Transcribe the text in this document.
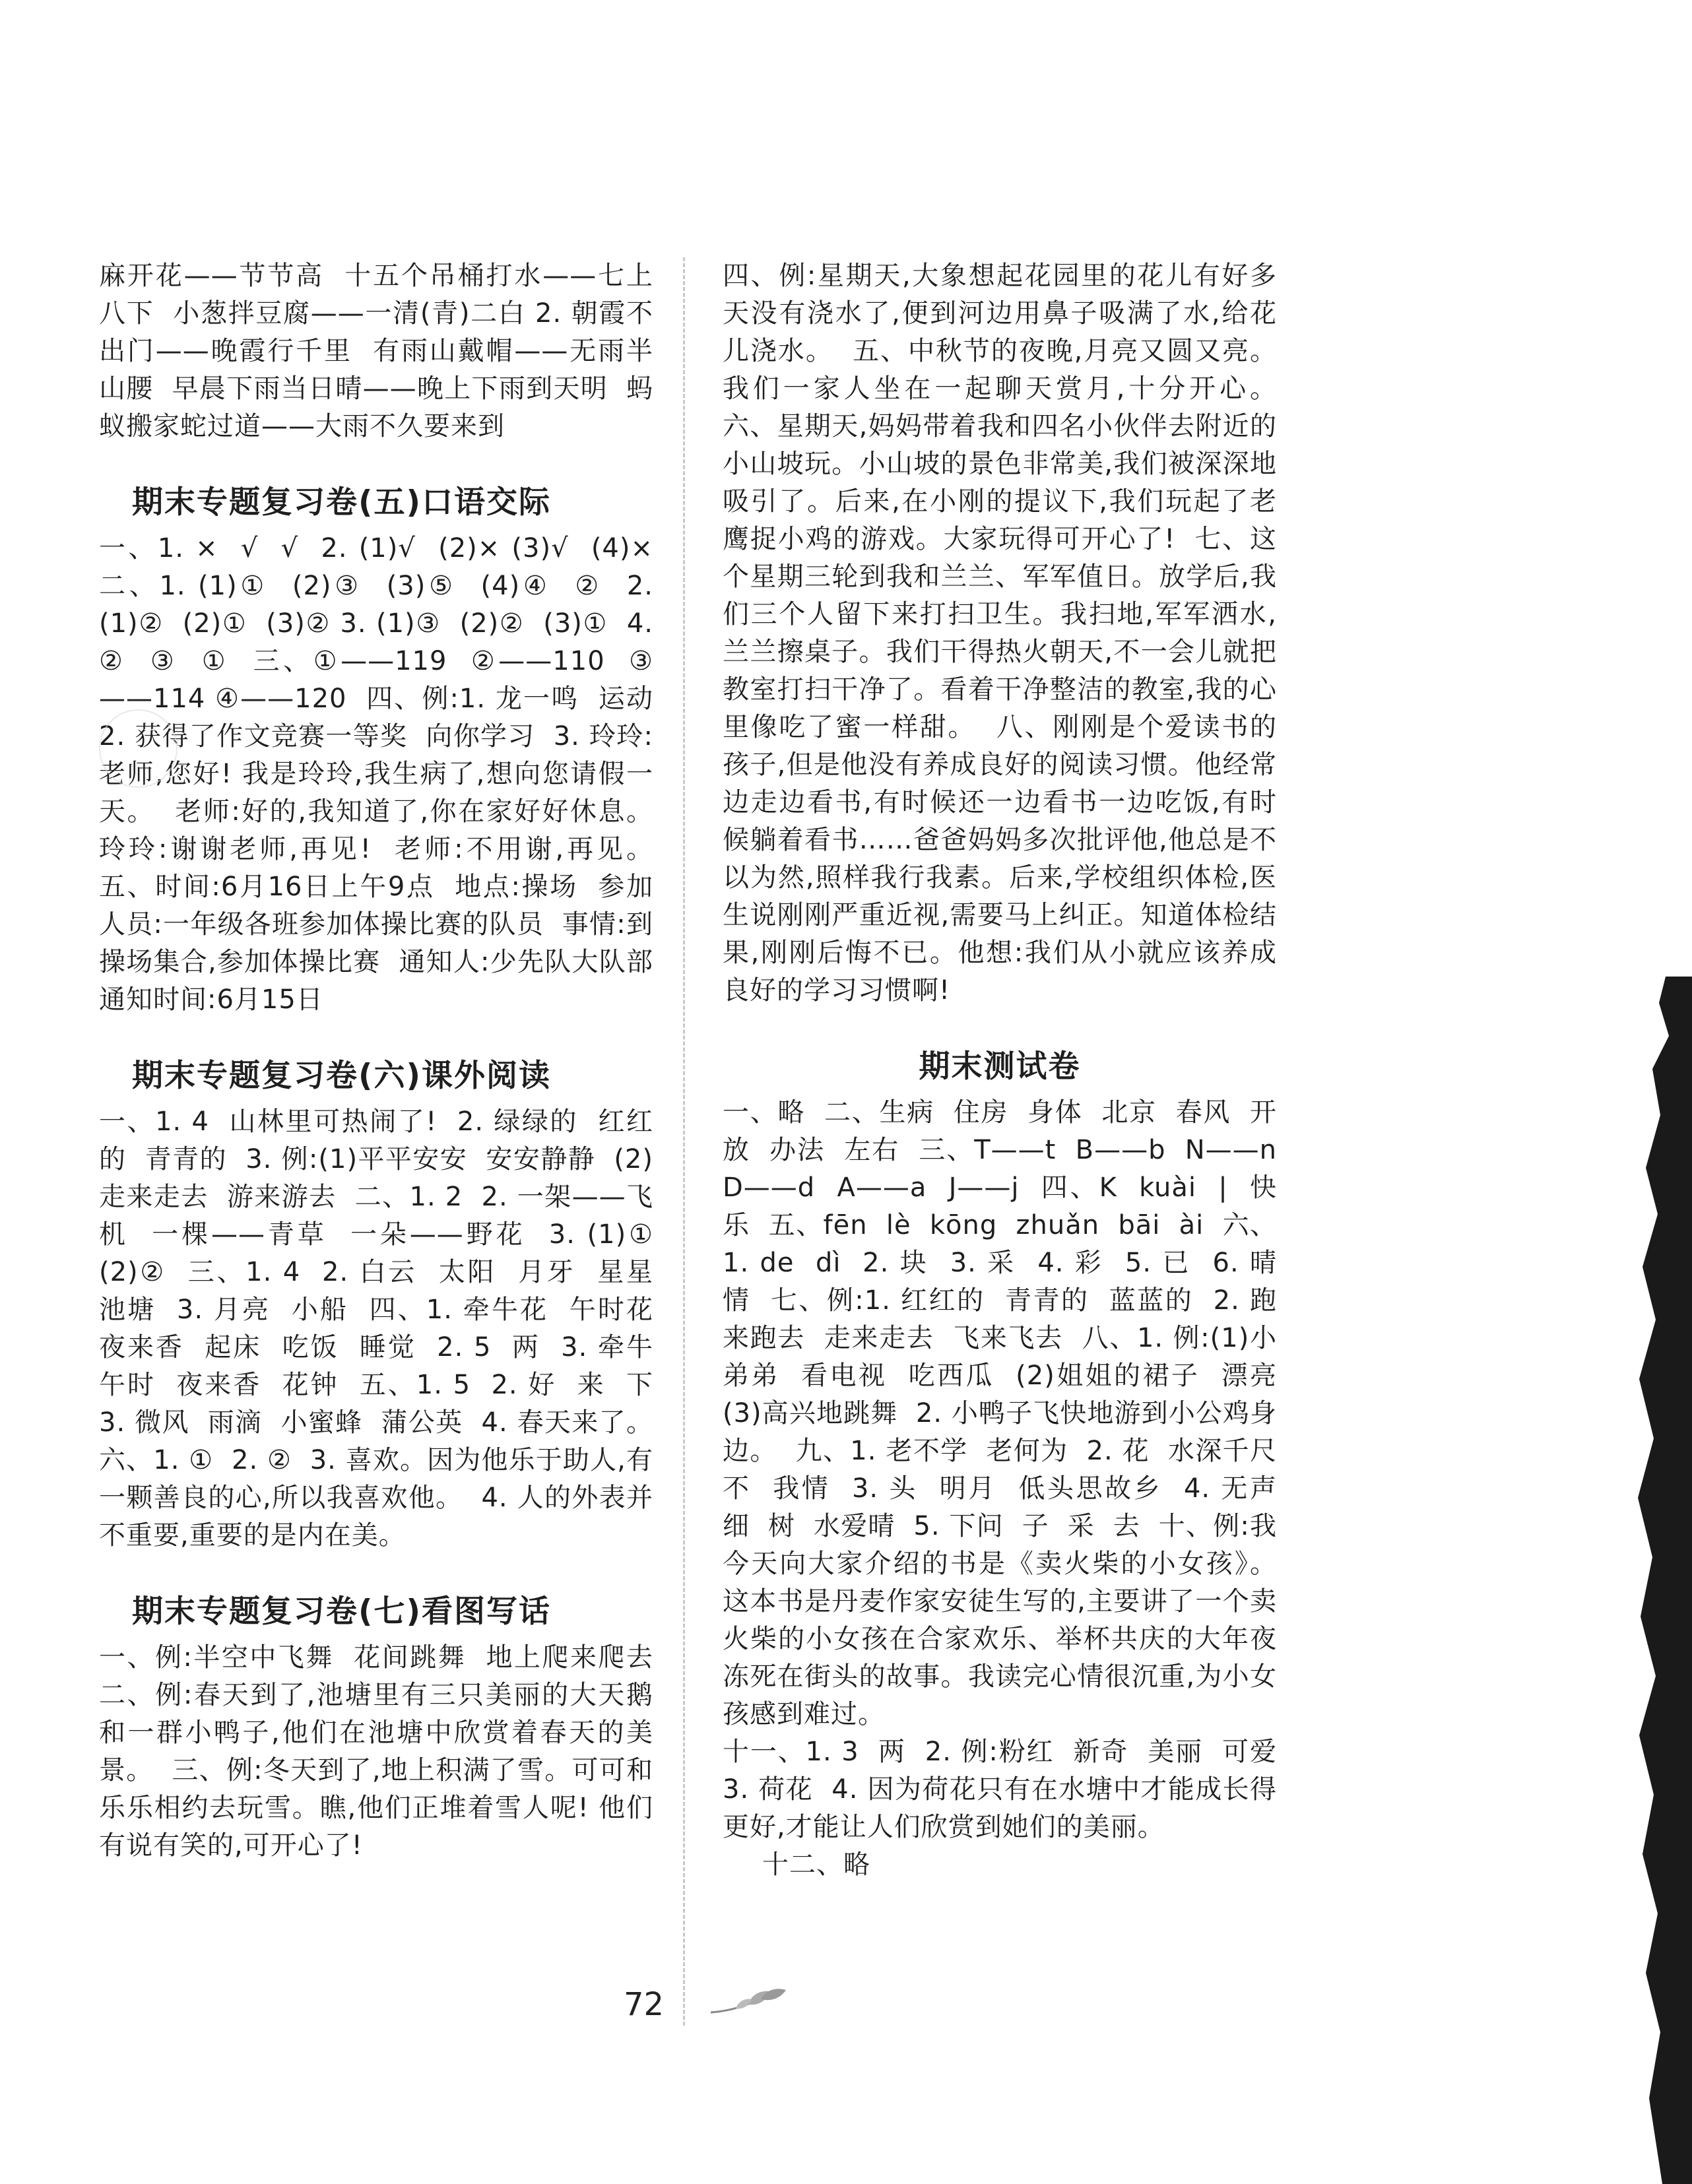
麻开花——节节高  十五个吊桶打水——七上八下  小葱拌豆腐——一清(青)二白 2. 朝霞不出门——晚霞行千里  有雨山戴帽——无雨半山腰  早晨下雨当日晴——晚上下雨到天明  蚂蚁搬家蛇过道——大雨不久要来到

期末专题复习卷(五)口语交际

一、1. ×  √  √  2. (1)√  (2)× (3)√  (4)×  二、1. (1)①  (2)③  (3)⑤  (4)④  ②  2. (1)②  (2)①  (3)② 3. (1)③  (2)②  (3)①  4. ②  ③  ①  三、①——119  ②——110  ③——114 ④——120  四、例:1. 龙一鸣  运动  2. 获得了作文竞赛一等奖  向你学习  3. 玲玲:老师,您好! 我是玲玲,我生病了,想向您请假一天。  老师:好的,我知道了,你在家好好休息。  玲玲:谢谢老师,再见!  老师:不用谢,再见。  五、时间:6月16日上午9点  地点:操场  参加人员:一年级各班参加体操比赛的队员  事情:到操场集合,参加体操比赛  通知人:少先队大队部  通知时间:6月15日

期末专题复习卷(六)课外阅读

一、1. 4  山林里可热闹了!  2. 绿绿的  红红的  青青的  3. 例:(1)平平安安  安安静静  (2)走来走去  游来游去  二、1. 2  2. 一架——飞机  一棵——青草  一朵——野花  3. (1)①  (2)②  三、1. 4  2. 白云  太阳  月牙  星星  池塘  3. 月亮  小船  四、1. 牵牛花  午时花  夜来香  起床  吃饭  睡觉  2. 5  两  3. 牵牛  午时  夜来香  花钟  五、1. 5  2. 好  来  下  3. 微风  雨滴  小蜜蜂  蒲公英  4. 春天来了。  六、1. ①  2. ②  3. 喜欢。因为他乐于助人,有一颗善良的心,所以我喜欢他。  4. 人的外表并不重要,重要的是内在美。

期末专题复习卷(七)看图写话

一、例:半空中飞舞  花间跳舞  地上爬来爬去  二、例:春天到了,池塘里有三只美丽的大天鹅和一群小鸭子,他们在池塘中欣赏着春天的美景。  三、例:冬天到了,地上积满了雪。可可和乐乐相约去玩雪。瞧,他们正堆着雪人呢! 他们有说有笑的,可开心了!

四、例:星期天,大象想起花园里的花儿有好多天没有浇水了,便到河边用鼻子吸满了水,给花儿浇水。  五、中秋节的夜晚,月亮又圆又亮。我们一家人坐在一起聊天赏月,十分开心。  六、星期天,妈妈带着我和四名小伙伴去附近的小山坡玩。小山坡的景色非常美,我们被深深地吸引了。后来,在小刚的提议下,我们玩起了老鹰捉小鸡的游戏。大家玩得可开心了!  七、这个星期三轮到我和兰兰、军军值日。放学后,我们三个人留下来打扫卫生。我扫地,军军洒水,兰兰擦桌子。我们干得热火朝天,不一会儿就把教室打扫干净了。看着干净整洁的教室,我的心里像吃了蜜一样甜。  八、刚刚是个爱读书的孩子,但是他没有养成良好的阅读习惯。他经常边走边看书,有时候还一边看书一边吃饭,有时候躺着看书……爸爸妈妈多次批评他,他总是不以为然,照样我行我素。后来,学校组织体检,医生说刚刚严重近视,需要马上纠正。知道体检结果,刚刚后悔不已。他想:我们从小就应该养成良好的学习习惯啊!

期末测试卷

一、略  二、生病  住房  身体  北京  春风  开放  办法  左右  三、T——t  B——b  N——n  D——d  A——a  J——j  四、K  kuài  |  快乐  五、fēn  lè  kōng  zhuǎn  bāi  ài  六、1. de  dì  2. 块  3. 采  4. 彩  5. 已  6. 晴  情  七、例:1. 红红的  青青的  蓝蓝的  2. 跑来跑去  走来走去  飞来飞去  八、1. 例:(1)小弟弟  看电视  吃西瓜  (2)姐姐的裙子  漂亮  (3)高兴地跳舞  2. 小鸭子飞快地游到小公鸡身边。  九、1. 老不学  老何为  2. 花  水深千尺  不  我情  3. 头  明月  低头思故乡  4. 无声  细  树  水爱晴  5. 下问  子  采  去  十、例:我今天向大家介绍的书是《卖火柴的小女孩》。这本书是丹麦作家安徒生写的,主要讲了一个卖火柴的小女孩在合家欢乐、举杯共庆的大年夜冻死在街头的故事。我读完心情很沉重,为小女孩感到难过。

十一、1. 3  两  2. 例:粉红  新奇  美丽  可爱  3. 荷花  4. 因为荷花只有在水塘中才能成长得更好,才能让人们欣赏到她们的美丽。

十二、略

72
